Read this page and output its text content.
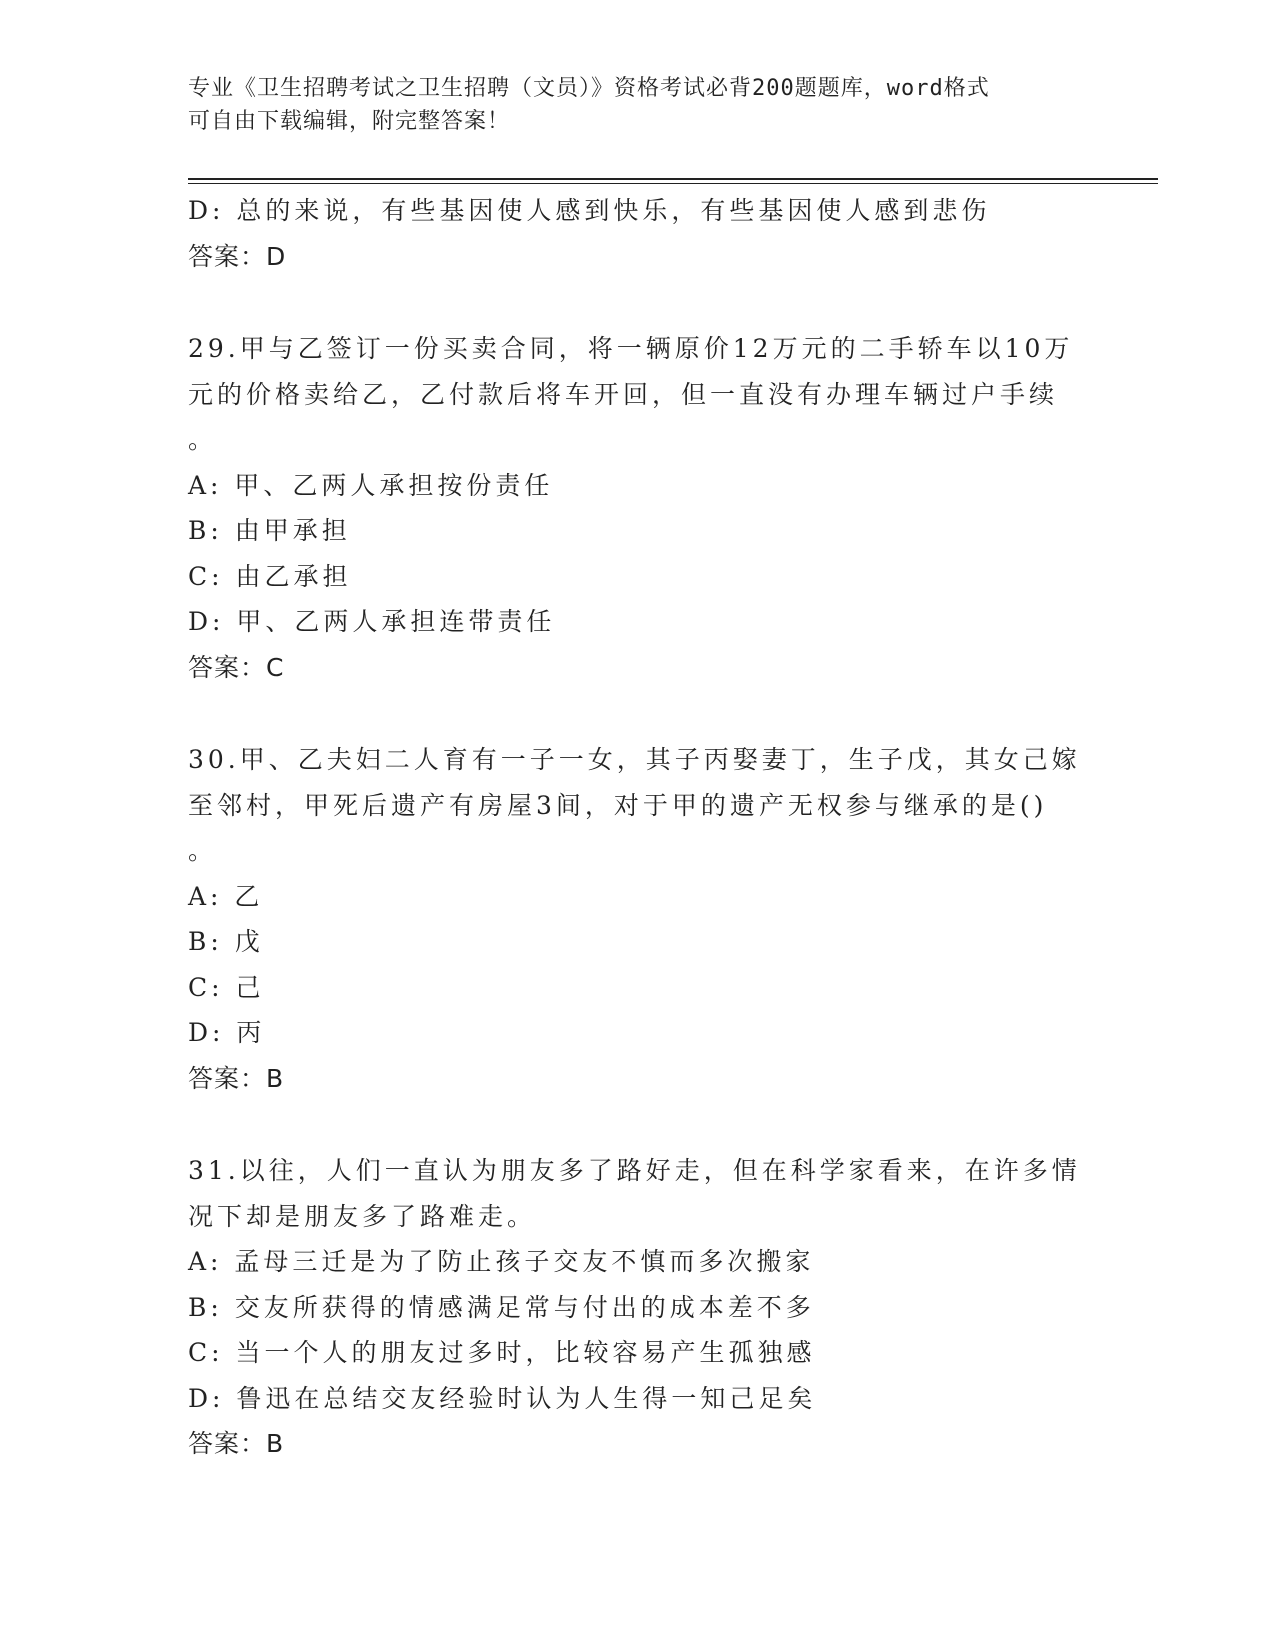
专业《卫生招聘考试之卫生招聘（文员）》资格考试必背200题题库，word格式
可自由下载编辑，附完整答案！
D: 总的来说，有些基因使人感到快乐，有些基因使人感到悲伤
答案：D
29.甲与乙签订一份买卖合同，将一辆原价12万元的二手轿车以10万
元的价格卖给乙，乙付款后将车开回，但一直没有办理车辆过户手续
。
A: 甲、乙两人承担按份责任
B: 由甲承担
C: 由乙承担
D: 甲、乙两人承担连带责任
答案：C
30.甲、乙夫妇二人育有一子一女，其子丙娶妻丁，生子戊，其女己嫁
至邻村，甲死后遗产有房屋3间，对于甲的遗产无权参与继承的是()
。
A: 乙
B: 戊
C: 己
D: 丙
答案：B
31.以往，人们一直认为朋友多了路好走，但在科学家看来，在许多情
况下却是朋友多了路难走。
A: 孟母三迁是为了防止孩子交友不慎而多次搬家
B: 交友所获得的情感满足常与付出的成本差不多
C: 当一个人的朋友过多时，比较容易产生孤独感
D: 鲁迅在总结交友经验时认为人生得一知己足矣
答案：B
